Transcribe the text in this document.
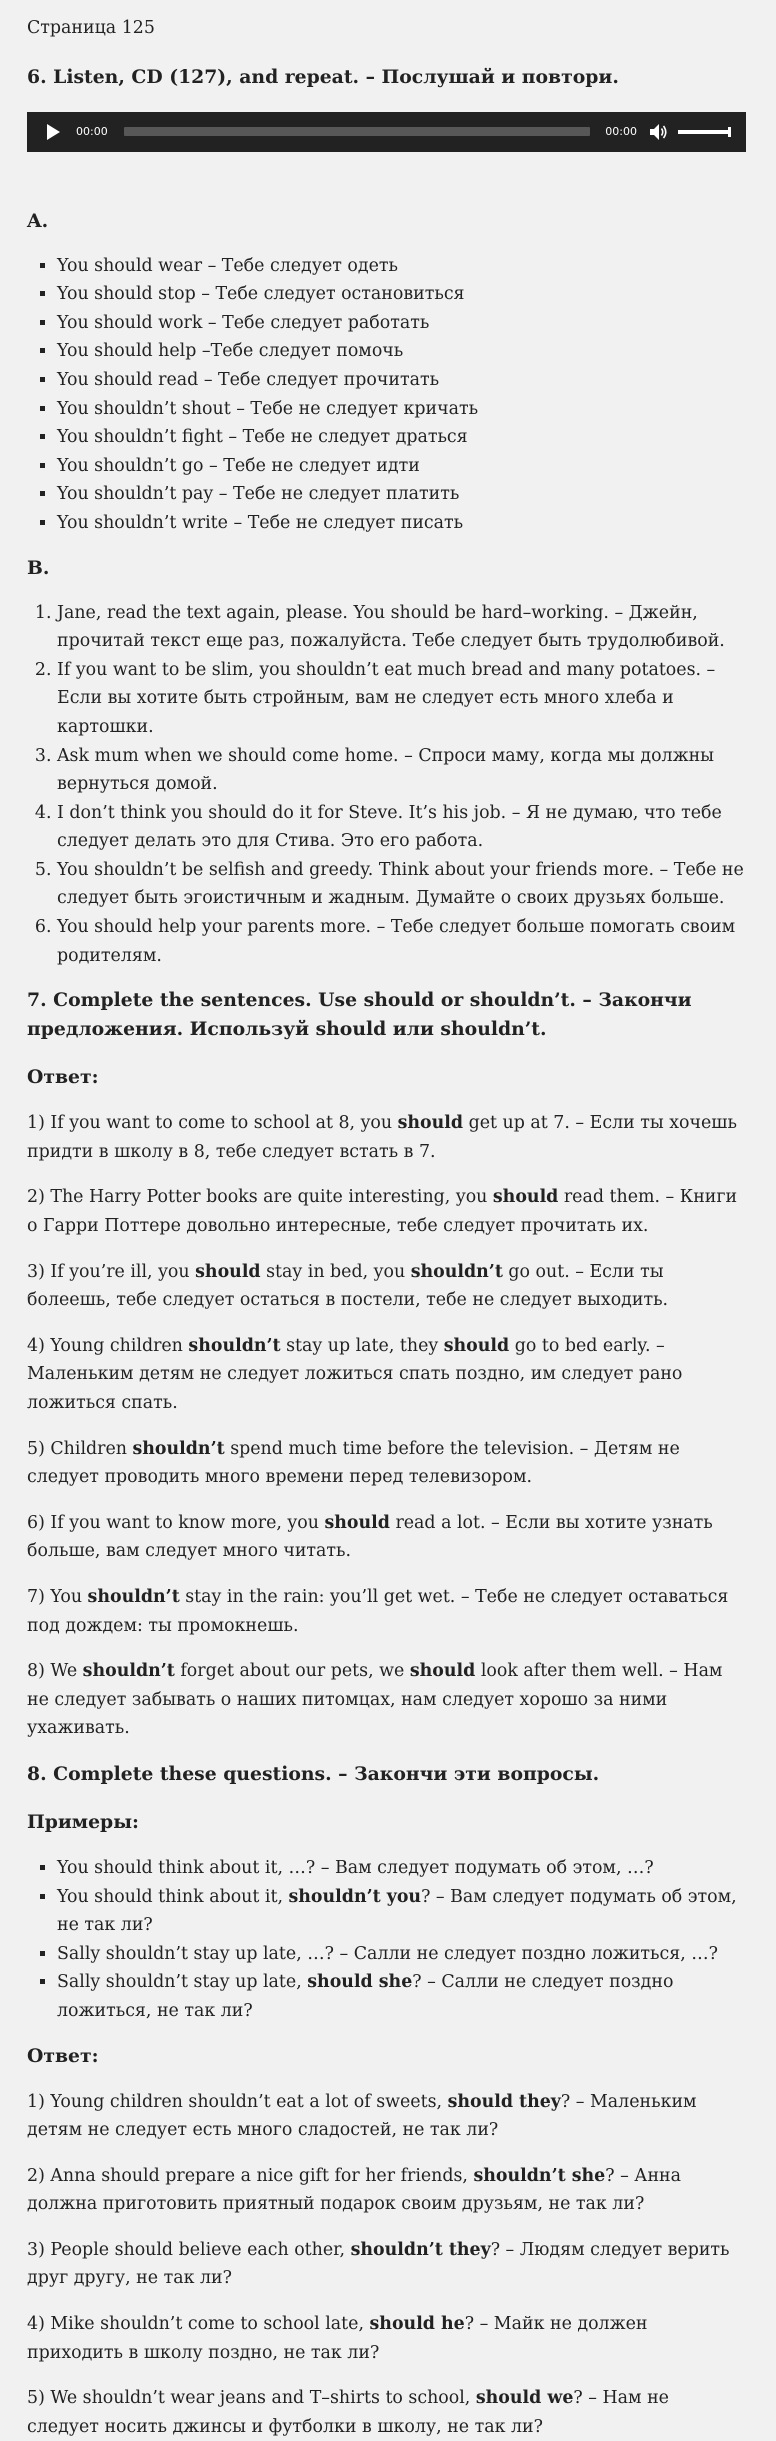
Страница 125

6. Listen, CD (127), and repeat. – Послушай и повтори.
00:00	00:00
A.
▪ You should wear – Тебе следует одеть
▪ You should stop – Тебе следует остановиться
▪ You should work – Тебе следует работать
▪ You should help –Тебе следует помочь
▪ You should read – Тебе следует прочитать
▪ You shouldn’t shout – Тебе не следует кричать
▪ You shouldn’t fight – Тебе не следует драться
▪ You shouldn’t go – Тебе не следует идти
▪ You shouldn’t pay – Тебе не следует платить
▪ You shouldn’t write – Тебе не следует писать
B.
1. Jane, read the text again, please. You should be hard–working. – Джейн, прочитай текст еще раз, пожалуйста. Тебе следует быть трудолюбивой.
2. If you want to be slim, you shouldn’t eat much bread and many potatoes. – Если вы хотите быть стройным, вам не следует есть много хлеба и картошки.
3. Ask mum when we should come home. – Спроси маму, когда мы должны вернуться домой.
4. I don’t think you should do it for Steve. It’s his job. – Я не думаю, что тебе следует делать это для Стива. Это его работа.
5. You shouldn’t be selfish and greedy. Think about your friends more. – Тебе не следует быть эгоистичным и жадным. Думайте о своих друзьях больше.
6. You should help your parents more. – Тебе следует больше помогать своим родителям.
7. Complete the sentences. Use should or shouldn’t. – Закончи предложения. Используй should или shouldn’t.
Ответ:

1) If you want to come to school at 8, you should get up at 7. – Если ты хочешь придти в школу в 8, тебе следует встать в 7.

2) The Harry Potter books are quite interesting, you should read them. – Книги о Гарри Поттере довольно интересные, тебе следует прочитать их.

3) If you’re ill, you should stay in bed, you shouldn’t go out. – Если ты болеешь, тебе следует остаться в постели, тебе не следует выходить.

4) Young children shouldn’t stay up late, they should go to bed early. – Маленьким детям не следует ложиться спать поздно, им следует рано ложиться спать.

5) Children shouldn’t spend much time before the television. – Детям не следует проводить много времени перед телевизором.

6) If you want to know more, you should read a lot. – Если вы хотите узнать больше, вам следует много читать.

7) You shouldn’t stay in the rain: you’ll get wet. – Тебе не следует оставаться под дождем: ты промокнешь.

8) We shouldn’t forget about our pets, we should look after them well. – Нам не следует забывать о наших питомцах, нам следует хорошо за ними ухаживать.

8. Complete these questions. – Закончи эти вопросы.
Примеры:
▪ You should think about it, …? – Вам следует подумать об этом, …?
▪ You should think about it, shouldn’t you? – Вам следует подумать об этом, не так ли?
▪ Sally shouldn’t stay up late, …? – Салли не следует поздно ложиться, …?
▪ Sally shouldn’t stay up late, should she? – Салли не следует поздно ложиться, не так ли?
Ответ:

1) Young children shouldn’t eat a lot of sweets, should they? – Маленьким детям не следует есть много сладостей, не так ли?

2) Anna should prepare a nice gift for her friends, shouldn’t she? – Анна должна приготовить приятный подарок своим друзьям, не так ли?

3) People should believe each other, shouldn’t they? – Людям следует верить друг другу, не так ли?

4) Mike shouldn’t come to school late, should he? – Майк не должен приходить в школу поздно, не так ли?

5) We shouldn’t wear jeans and T–shirts to school, should we? – Нам не следует носить джинсы и футболки в школу, не так ли?
